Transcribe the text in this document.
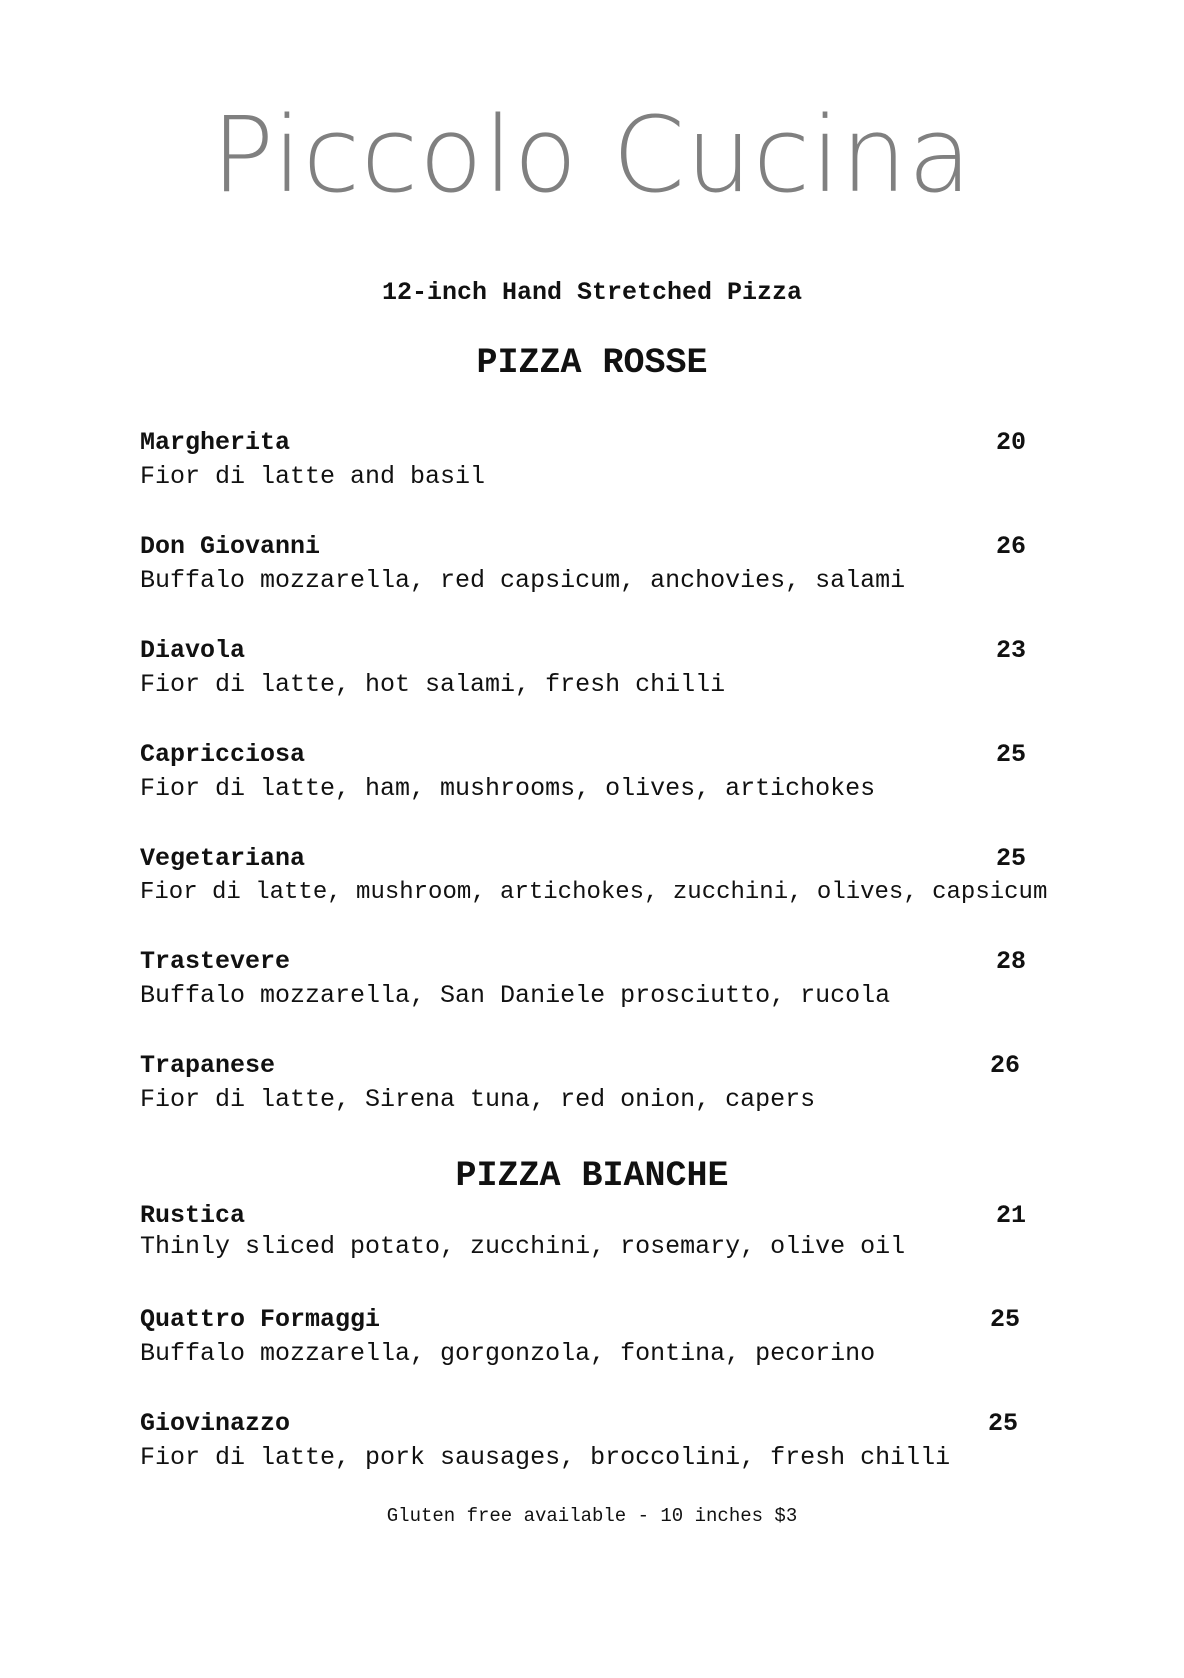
Piccolo Cucina
12-inch Hand Stretched Pizza
PIZZA ROSSE
Margherita	20
Fior di latte and basil
Don Giovanni	26
Buffalo mozzarella, red capsicum, anchovies, salami
Diavola	23
Fior di latte, hot salami, fresh chilli
Capricciosa	25
Fior di latte, ham, mushrooms, olives, artichokes
Vegetariana	25
Fior di latte, mushroom, artichokes, zucchini, olives, capsicum
Trastevere	28
Buffalo mozzarella, San Daniele prosciutto, rucola
Trapanese	26
Fior di latte, Sirena tuna, red onion, capers
PIZZA BIANCHE
Rustica	21
Thinly sliced potato, zucchini, rosemary, olive oil
Quattro Formaggi	25
Buffalo mozzarella, gorgonzola, fontina, pecorino
Giovinazzo	25
Fior di latte, pork sausages, broccolini, fresh chilli
Gluten free available - 10 inches $3
